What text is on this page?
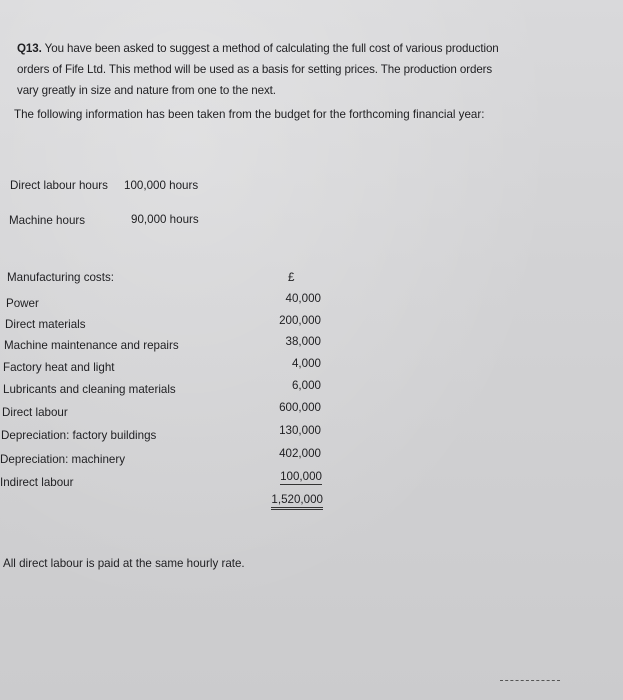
Q13. You have been asked to suggest a method of calculating the full cost of various production
orders of Fife Ltd. This method will be used as a basis for setting prices. The production orders
vary greatly in size and nature from one to the next.
The following information has been taken from the budget for the forthcoming financial year:
Direct labour hours 100,000 hours
Machine hours	90,000 hours
Manufacturing costs:	£
Power	40,000
Direct materials	200,000
Machine maintenance and repairs	38,000
Factory heat and light	4,000
Lubricants and cleaning materials	6,000
Direct labour	600,000
Depreciation: factory buildings	130,000
Depreciation: machinery	402,000
Indirect labour	100,000
1,520,000
All direct labour is paid at the same hourly rate.
